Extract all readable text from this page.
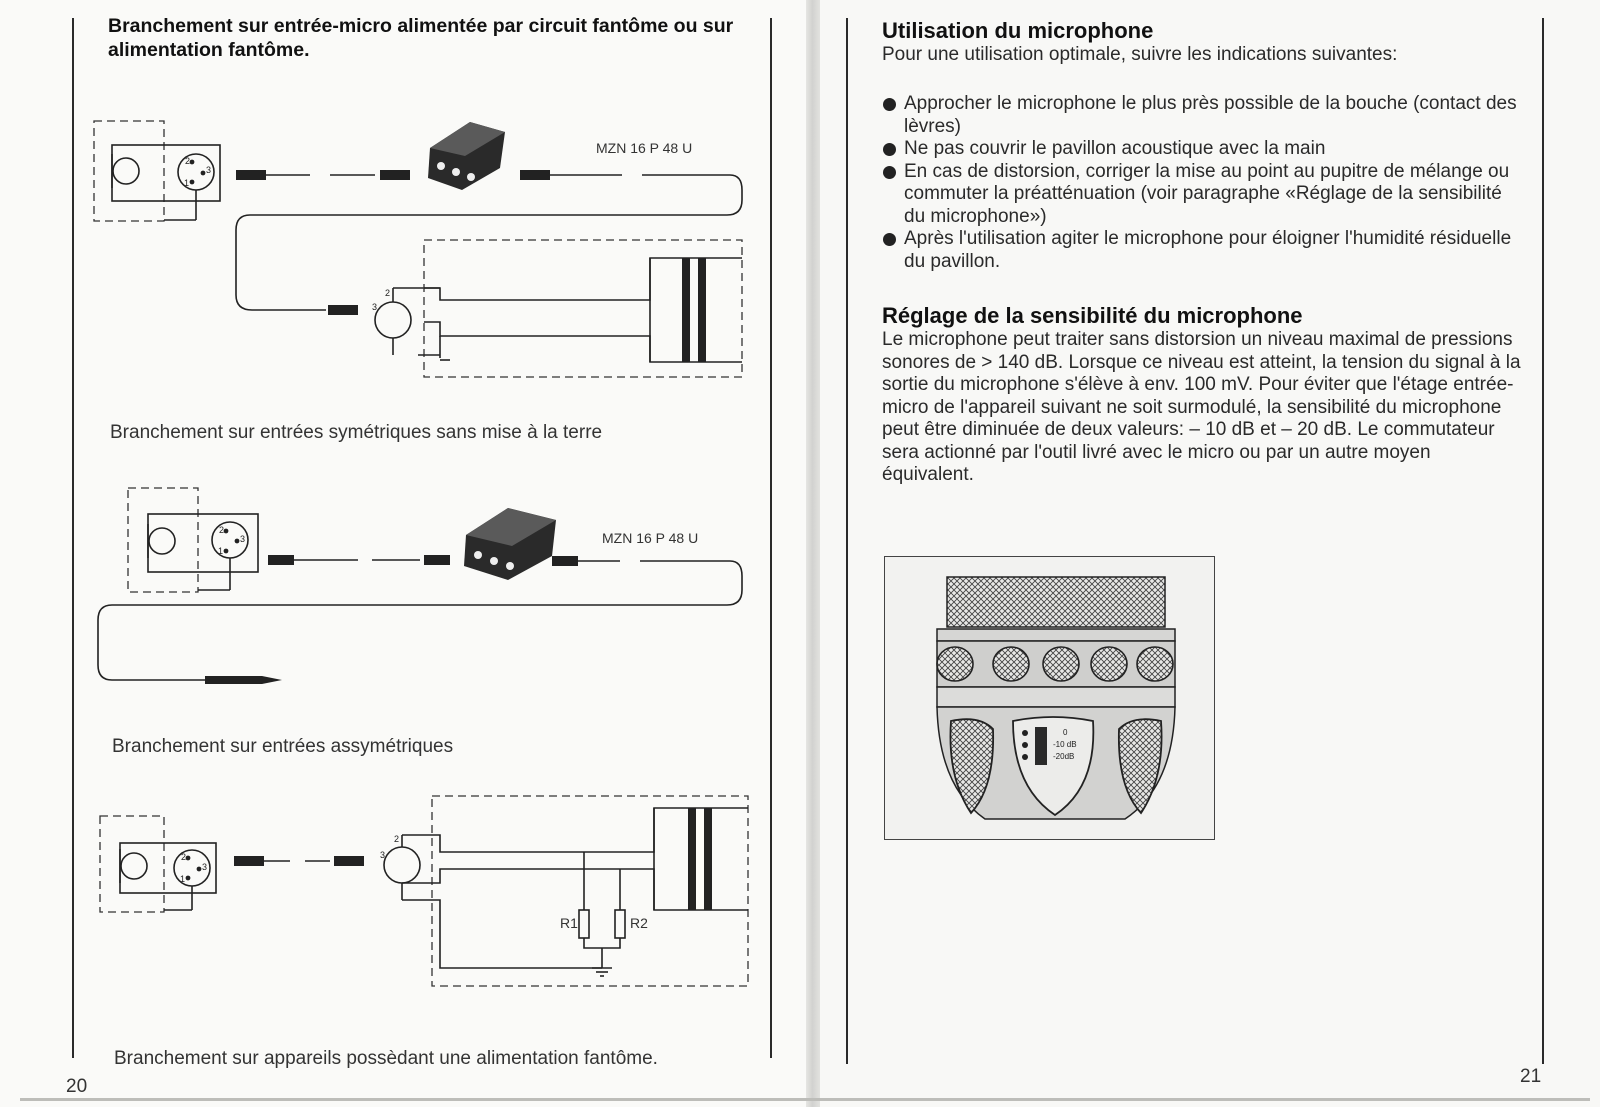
Branchement sur entrée-micro alimentée par circuit fantôme ou sur alimentation fantôme.

Branchement sur entrées symétriques sans mise à la terre

Branchement sur entrées assymétriques

Branchement sur appareils possèdant une alimentation fantôme.

20
2
3
1
MZN 16 P 48 U
2
3
2
3
1
MZN 16 P 48 U
2
3
1
2
3
R1	R2
Utilisation du microphone

Pour une utilisation optimale, suivre les indications suivantes:

Approcher le microphone le plus près possible de la bouche (contact des lèvres)
Ne pas couvrir le pavillon acoustique avec la main
En cas de distorsion, corriger la mise au point au pupitre de mélange ou commuter la préatténuation (voir paragraphe «Réglage de la sensibilité du microphone»)
Après l'utilisation agiter le microphone pour éloigner l'humidité résiduelle du pavillon.
Réglage de la sensibilité du microphone

Le microphone peut traiter sans distorsion un niveau maximal de pressions sonores de > 140 dB. Lorsque ce niveau est atteint, la tension du signal à la sortie du microphone s'élève à env. 100 mV. Pour éviter que l'étage entrée-micro de l'appareil suivant ne soit surmodulé, la sensibilité du microphone peut être diminuée de deux valeurs: – 10 dB et – 20 dB. Le commutateur sera actionné par l'outil livré avec le micro ou par un autre moyen équivalent.

0
-10 dB
-20dB
21
